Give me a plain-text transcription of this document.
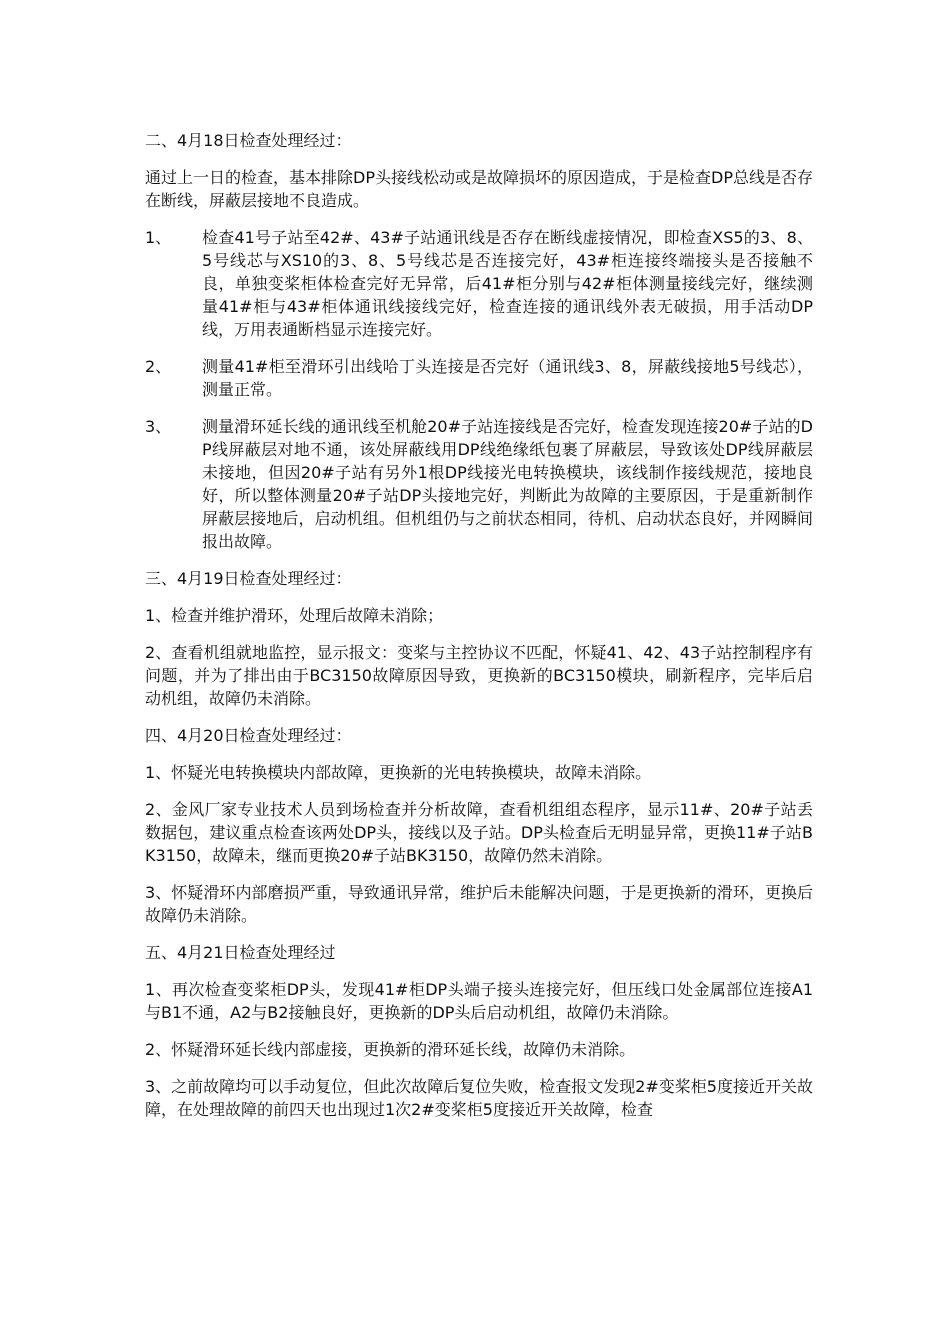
二、4月18日检查处理经过：

通过上一日的检查，基本排除DP头接线松动或是故障损坏的原因造成，于是检查DP总线是否存在断线，屏蔽层接地不良造成。

1、	检查41号子站至42#、43#子站通讯线是否存在断线虚接情况，即检查XS5的3、8、5号线芯与XS10的3、8、5号线芯是否连接完好，43#柜连接终端接头是否接触不良，单独变桨柜体检查完好无异常，后41#柜分别与42#柜体测量接线完好，继续测量41#柜与43#柜体通讯线接线完好，检查连接的通讯线外表无破损，用手活动DP线，万用表通断档显示连接完好。
2、	测量41#柜至滑环引出线哈丁头连接是否完好（通讯线3、8，屏蔽线接地5号线芯），测量正常。
3、	测量滑环延长线的通讯线至机舱20#子站连接线是否完好，检查发现连接20#子站的DP线屏蔽层对地不通，该处屏蔽线用DP线绝缘纸包裹了屏蔽层，导致该处DP线屏蔽层未接地，但因20#子站有另外1根DP线接光电转换模块，该线制作接线规范，接地良好，所以整体测量20#子站DP头接地完好，判断此为故障的主要原因，于是重新制作屏蔽层接地后，启动机组。但机组仍与之前状态相同，待机、启动状态良好，并网瞬间报出故障。

三、4月19日检查处理经过：

1、检查并维护滑环，处理后故障未消除；

2、查看机组就地监控，显示报文：变桨与主控协议不匹配，怀疑41、42、43子站控制程序有问题，并为了排出由于BC3150故障原因导致，更换新的BC3150模块，刷新程序，完毕后启动机组，故障仍未消除。

四、4月20日检查处理经过：

1、怀疑光电转换模块内部故障，更换新的光电转换模块，故障未消除。

2、金风厂家专业技术人员到场检查并分析故障，查看机组组态程序，显示11#、20#子站丢数据包，建议重点检查该两处DP头，接线以及子站。DP头检查后无明显异常，更换11#子站BK3150，故障未，继而更换20#子站BK3150，故障仍然未消除。

3、怀疑滑环内部磨损严重，导致通讯异常，维护后未能解决问题，于是更换新的滑环，更换后故障仍未消除。

五、4月21日检查处理经过

1、再次检查变桨柜DP头，发现41#柜DP头端子接头连接完好，但压线口处金属部位连接A1与B1不通，A2与B2接触良好，更换新的DP头后启动机组，故障仍未消除。

2、怀疑滑环延长线内部虚接，更换新的滑环延长线，故障仍未消除。

3、之前故障均可以手动复位，但此次故障后复位失败，检查报文发现2#变桨柜5度接近开关故障，在处理故障的前四天也出现过1次2#变桨柜5度接近开关故障，检查
